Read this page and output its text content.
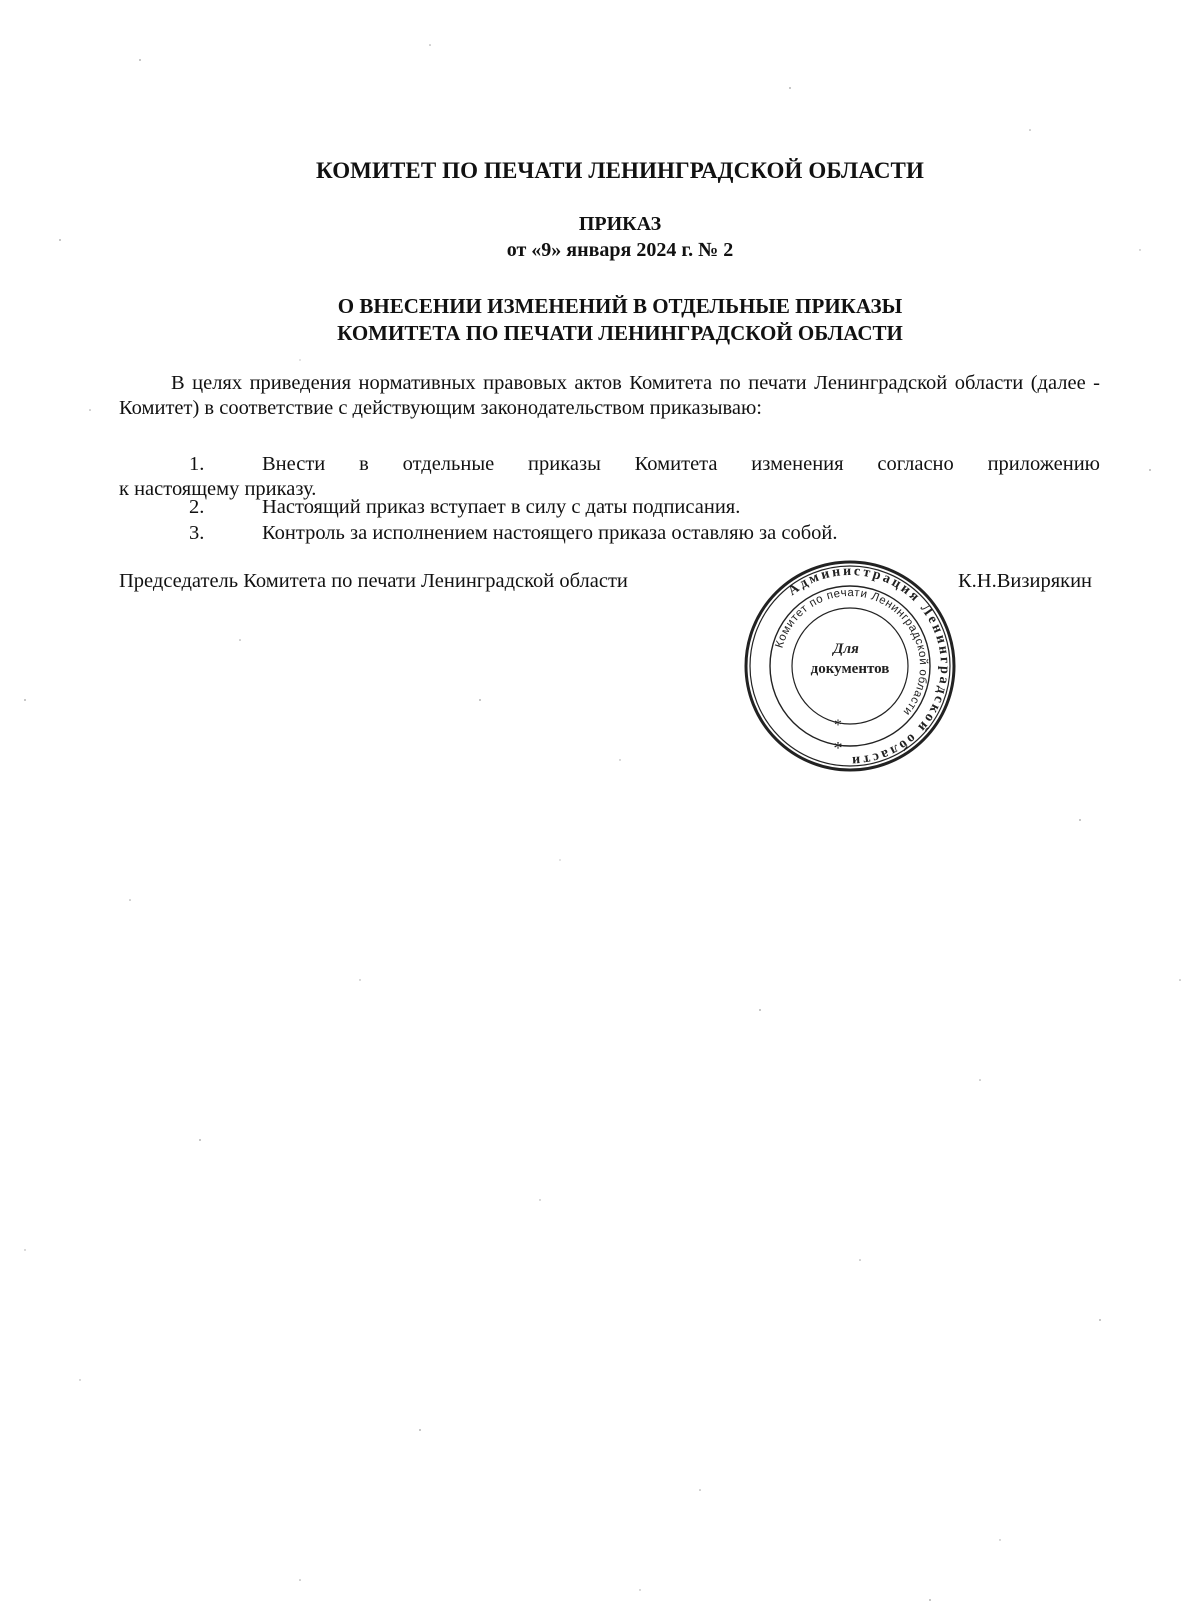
КОМИТЕТ ПО ПЕЧАТИ ЛЕНИНГРАДСКОЙ ОБЛАСТИ
ПРИКАЗ
от «9» января 2024 г. № 2
О ВНЕСЕНИИ ИЗМЕНЕНИЙ В ОТДЕЛЬНЫЕ ПРИКАЗЫ
КОМИТЕТА ПО ПЕЧАТИ ЛЕНИНГРАДСКОЙ ОБЛАСТИ
В целях приведения нормативных правовых актов Комитета по печати Ленинградской области (далее - Комитет) в соответствие с действующим законодательством приказываю:
1.	Внести в отдельные приказы Комитета изменения согласно приложению
к настоящему приказу.
2.	Настоящий приказ вступает в силу с даты подписания.
3.	Контроль за исполнением настоящего приказа оставляю за собой.
Председатель Комитета по печати Ленинградской области	К.Н.Визирякин
Администрация Ленинградской области
Комитет по печати Ленинградской области
Для
документов
*
*
